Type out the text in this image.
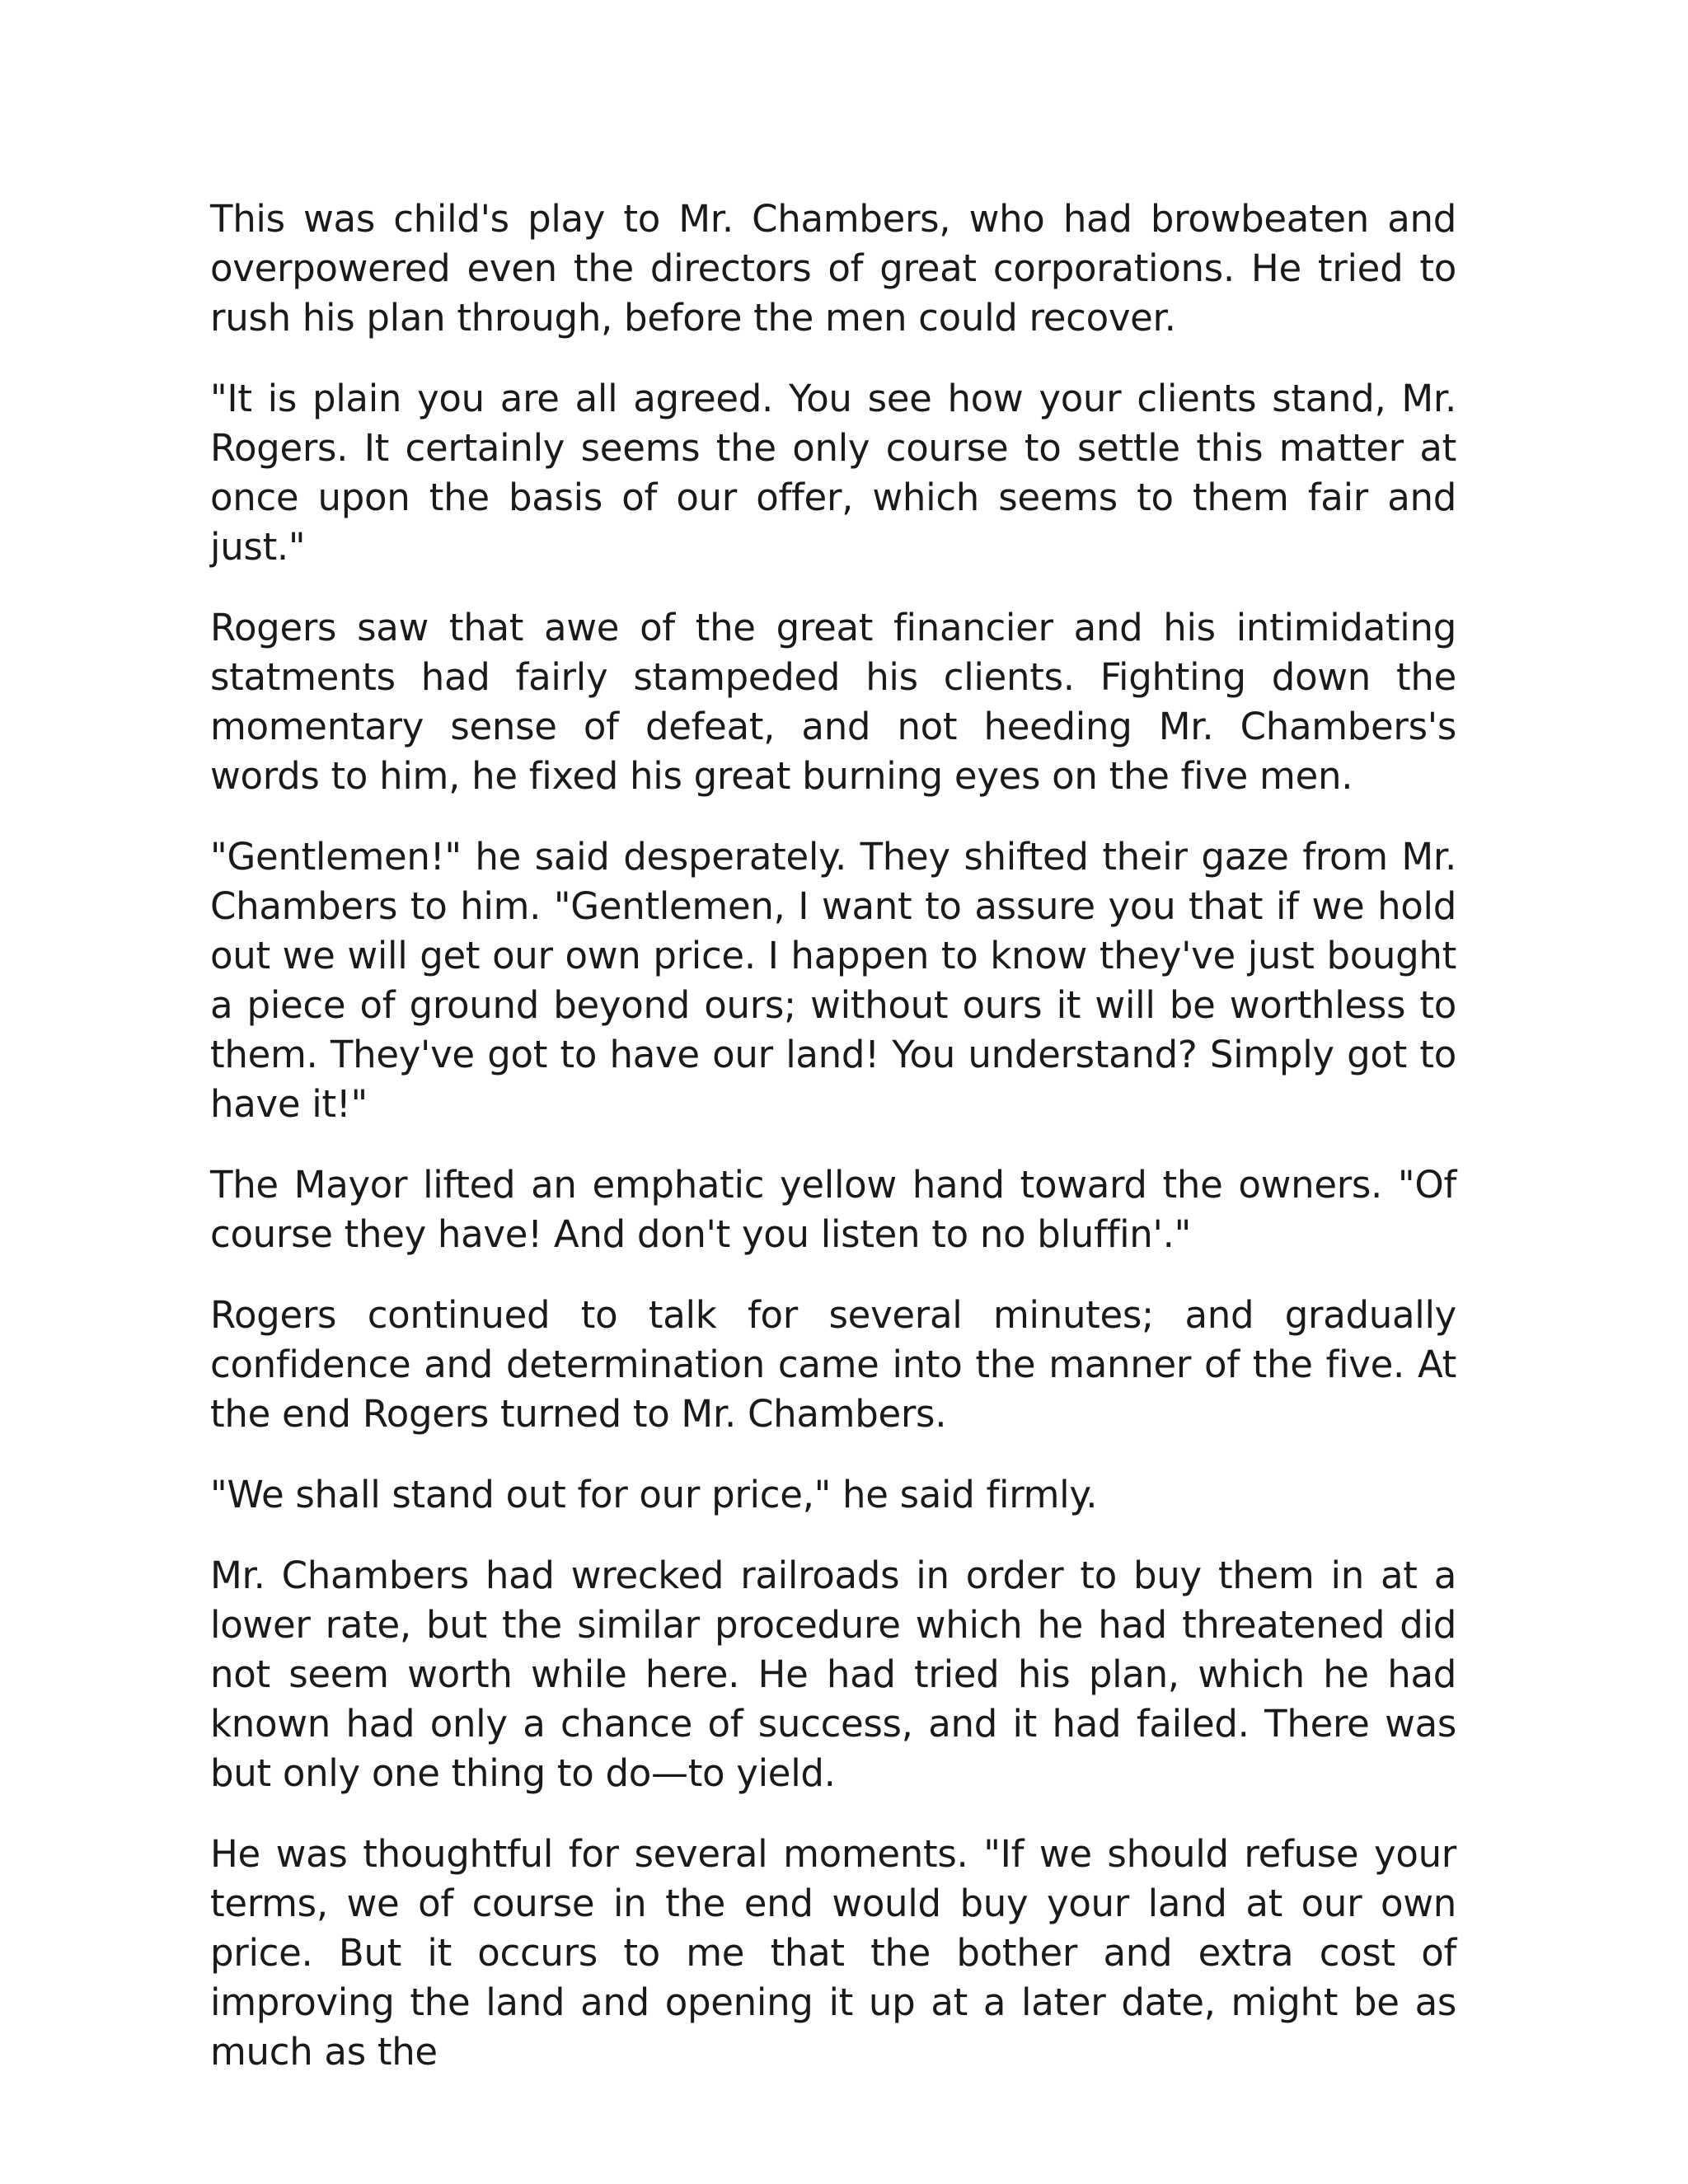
This was child's play to Mr. Chambers, who had browbeaten and overpowered even the directors of great corporations. He tried to rush his plan through, before the men could recover.

"It is plain you are all agreed. You see how your clients stand, Mr. Rogers. It certainly seems the only course to settle this matter at once upon the basis of our offer, which seems to them fair and just."

Rogers saw that awe of the great financier and his intimidating statments had fairly stampeded his clients. Fighting down the momentary sense of defeat, and not heeding Mr. Chambers's words to him, he fixed his great burning eyes on the five men.

"Gentlemen!" he said desperately. They shifted their gaze from Mr. Chambers to him. "Gentlemen, I want to assure you that if we hold out we will get our own price. I happen to know they've just bought a piece of ground beyond ours; without ours it will be worthless to them. They've got to have our land! You understand? Simply got to have it!"

The Mayor lifted an emphatic yellow hand toward the owners. "Of course they have! And don't you listen to no bluffin'."

Rogers continued to talk for several minutes; and gradually confidence and determination came into the manner of the five. At the end Rogers turned to Mr. Chambers.

"We shall stand out for our price," he said firmly.

Mr. Chambers had wrecked railroads in order to buy them in at a lower rate, but the similar procedure which he had threatened did not seem worth while here. He had tried his plan, which he had known had only a chance of success, and it had failed. There was but only one thing to do—to yield.

He was thoughtful for several moments. "If we should refuse your terms, we of course in the end would buy your land at our own price. But it occurs to me that the bother and extra cost of improving the land and opening it up at a later date, might be as much as the
